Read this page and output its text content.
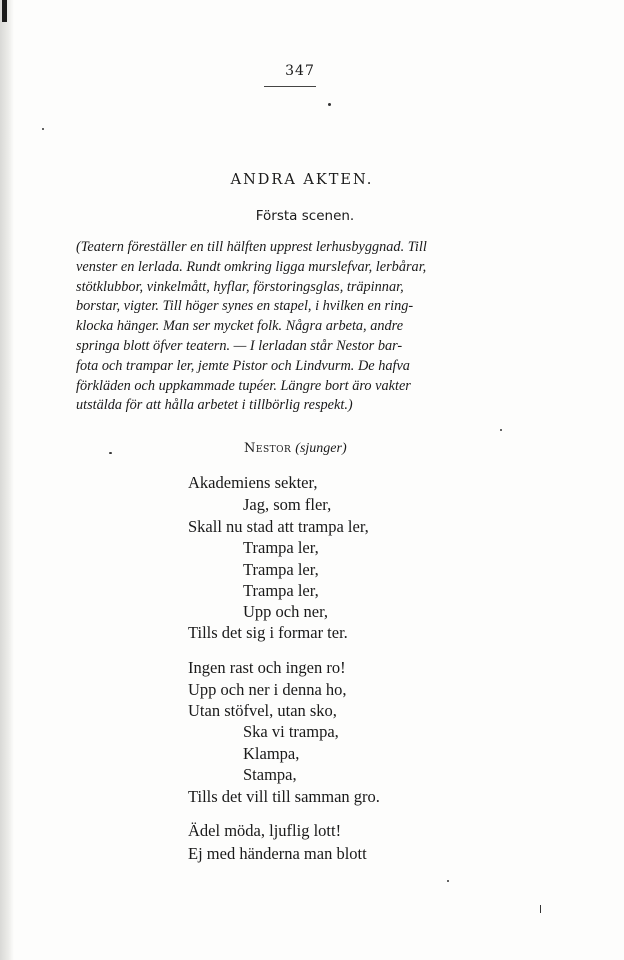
347
ANDRA AKTEN.
Första scenen.
(Teatern föreställer en till hälften upprest lerhusbyggnad. Till
venster en lerlada. Rundt omkring ligga murslefvar, lerbårar,
stötklubbor, vinkelmått, hyflar, förstoringsglas, träpinnar,
borstar, vigter. Till höger synes en stapel, i hvilken en ring-
klocka hänger. Man ser mycket folk. Några arbeta, andre
springa blott öfver teatern. — I lerladan står Nestor bar-
fota och trampar ler, jemte Pistor och Lindvurm. De hafva
förkläden och uppkammade tupéer. Längre bort äro vakter
utstälda för att hålla arbetet i tillbörlig respekt.)
Nestor (sjunger)
Akademiens sekter,
Jag, som fler,
Skall nu stad att trampa ler,
Trampa ler,
Trampa ler,
Trampa ler,
Upp och ner,
Tills det sig i formar ter.
Ingen rast och ingen ro!
Upp och ner i denna ho,
Utan stöfvel, utan sko,
Ska vi trampa,
Klampa,
Stampa,
Tills det vill till samman gro.
Ädel möda, ljuflig lott!
Ej med händerna man blott
